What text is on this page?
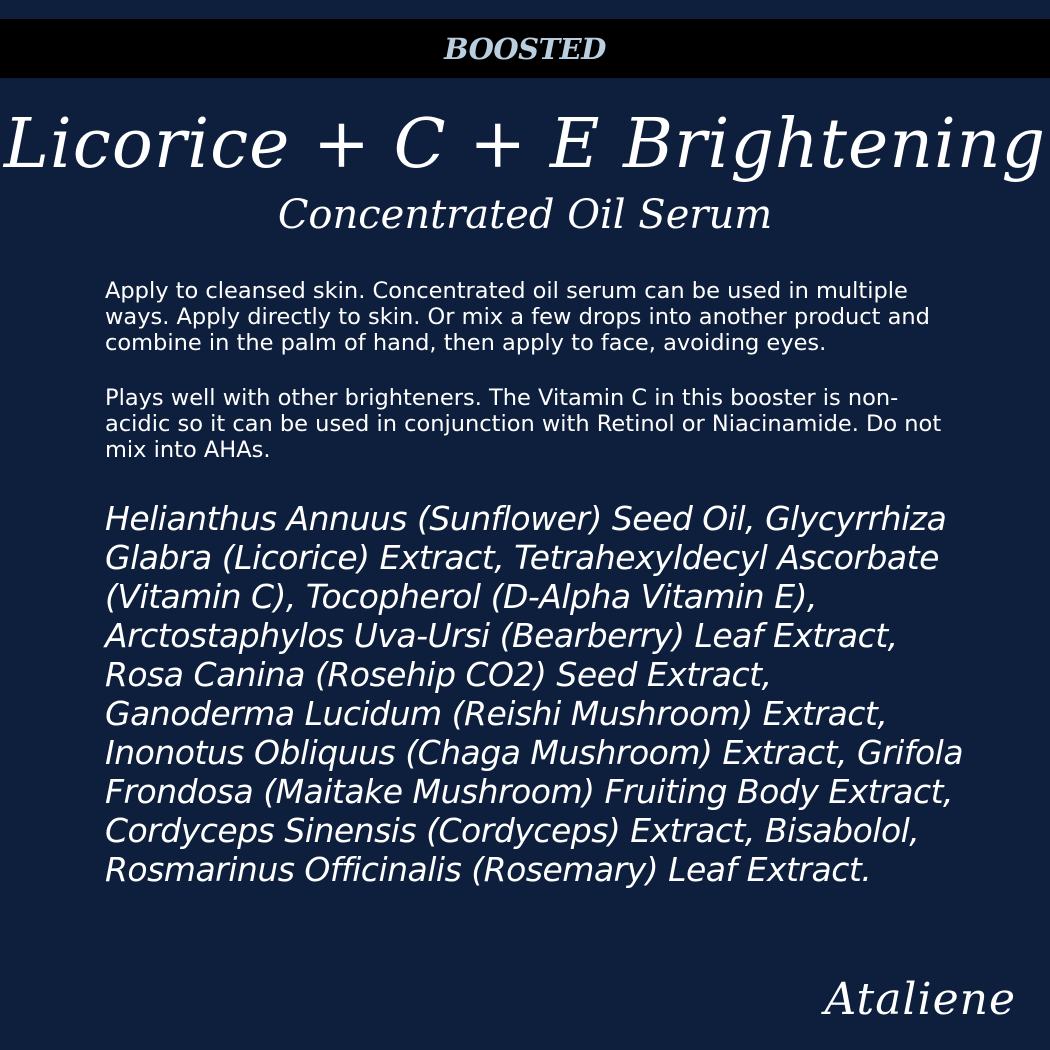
BOOSTED
Licorice + C + E Brightening
Concentrated Oil Serum

Apply to cleansed skin. Concentrated oil serum can be used in multiple ways. Apply directly to skin. Or mix a few drops into another product and combine in the palm of hand, then apply to face, avoiding eyes.

Plays well with other brighteners. The Vitamin C in this booster is non-acidic so it can be used in conjunction with Retinol or Niacinamide. Do not mix into AHAs.

Helianthus Annuus (Sunflower) Seed Oil, Glycyrrhiza Glabra (Licorice) Extract, Tetrahexyldecyl Ascorbate (Vitamin C), Tocopherol (D-Alpha Vitamin E), Arctostaphylos Uva-Ursi (Bearberry) Leaf Extract, Rosa Canina (Rosehip CO2) Seed Extract, Ganoderma Lucidum (Reishi Mushroom) Extract, Inonotus Obliquus (Chaga Mushroom) Extract, Grifola Frondosa (Maitake Mushroom) Fruiting Body Extract, Cordyceps Sinensis (Cordyceps) Extract, Bisabolol, Rosmarinus Officinalis (Rosemary) Leaf Extract.

Ataliene
